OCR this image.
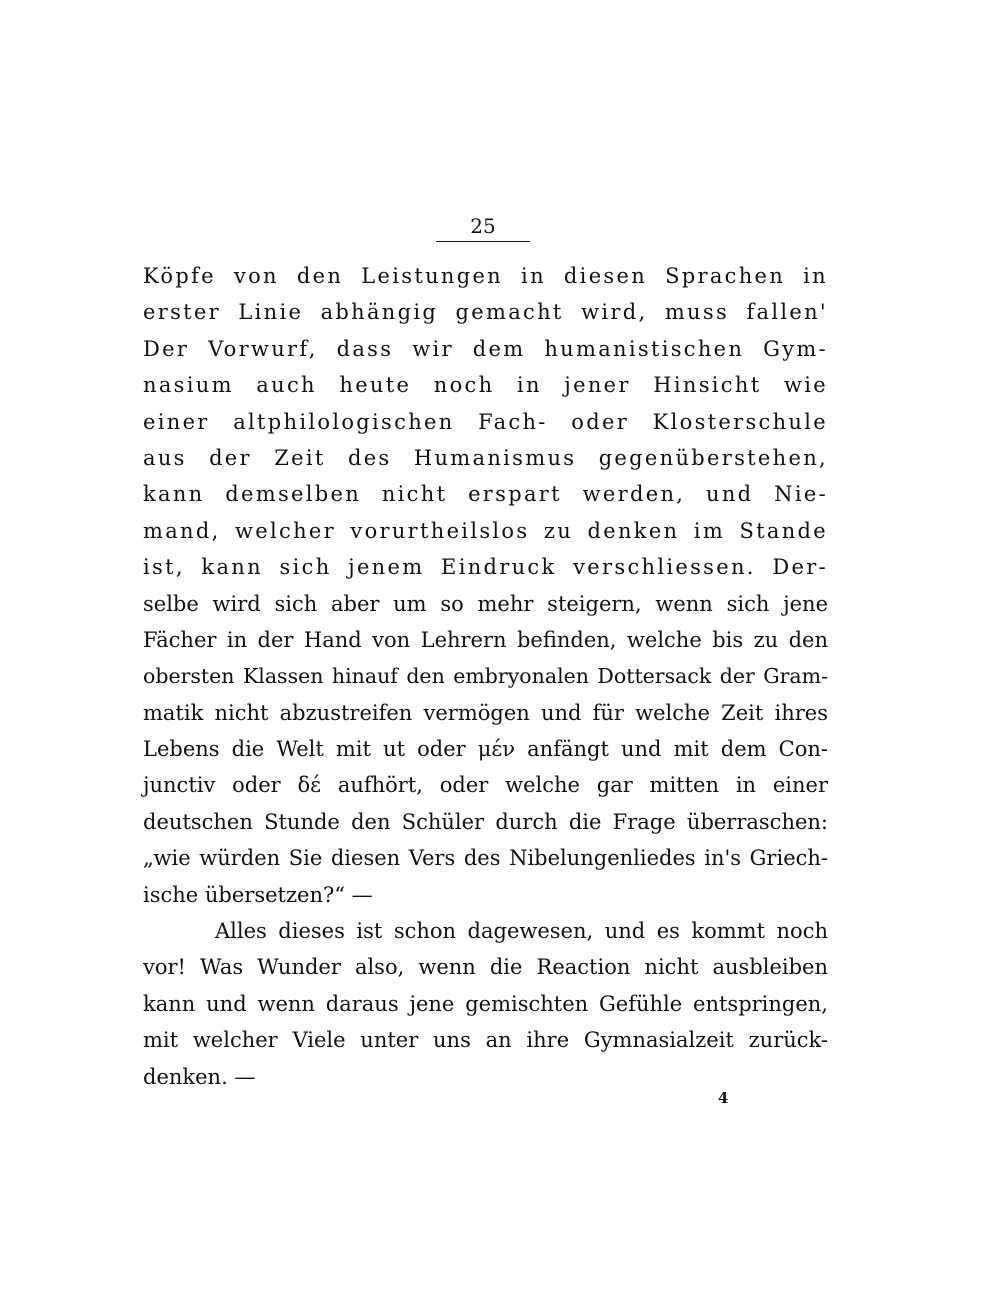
25
Köpfe von den Leistungen in diesen Sprachen in
erster Linie abhängig gemacht wird, muss fallen'
Der Vorwurf, dass wir dem humanistischen Gym-
nasium auch heute noch in jener Hinsicht wie
einer altphilologischen Fach- oder Klosterschule
aus der Zeit des Humanismus gegenüberstehen,
kann demselben nicht erspart werden, und Nie-
mand, welcher vorurtheilslos zu denken im Stande
ist, kann sich jenem Eindruck verschliessen. Der-
selbe wird sich aber um so mehr steigern, wenn sich jene
Fächer in der Hand von Lehrern befinden, welche bis zu den
obersten Klassen hinauf den embryonalen Dottersack der Gram-
matik nicht abzustreifen vermögen und für welche Zeit ihres
Lebens die Welt mit ut oder μέν anfängt und mit dem Con-
junctiv oder δέ aufhört, oder welche gar mitten in einer
deutschen Stunde den Schüler durch die Frage überraschen:
„wie würden Sie diesen Vers des Nibelungenliedes in's Griech-
ische übersetzen?“ —
Alles dieses ist schon dagewesen, und es kommt noch
vor! Was Wunder also, wenn die Reaction nicht ausbleiben
kann und wenn daraus jene gemischten Gefühle entspringen,
mit welcher Viele unter uns an ihre Gymnasialzeit zurück-
denken. —
4
